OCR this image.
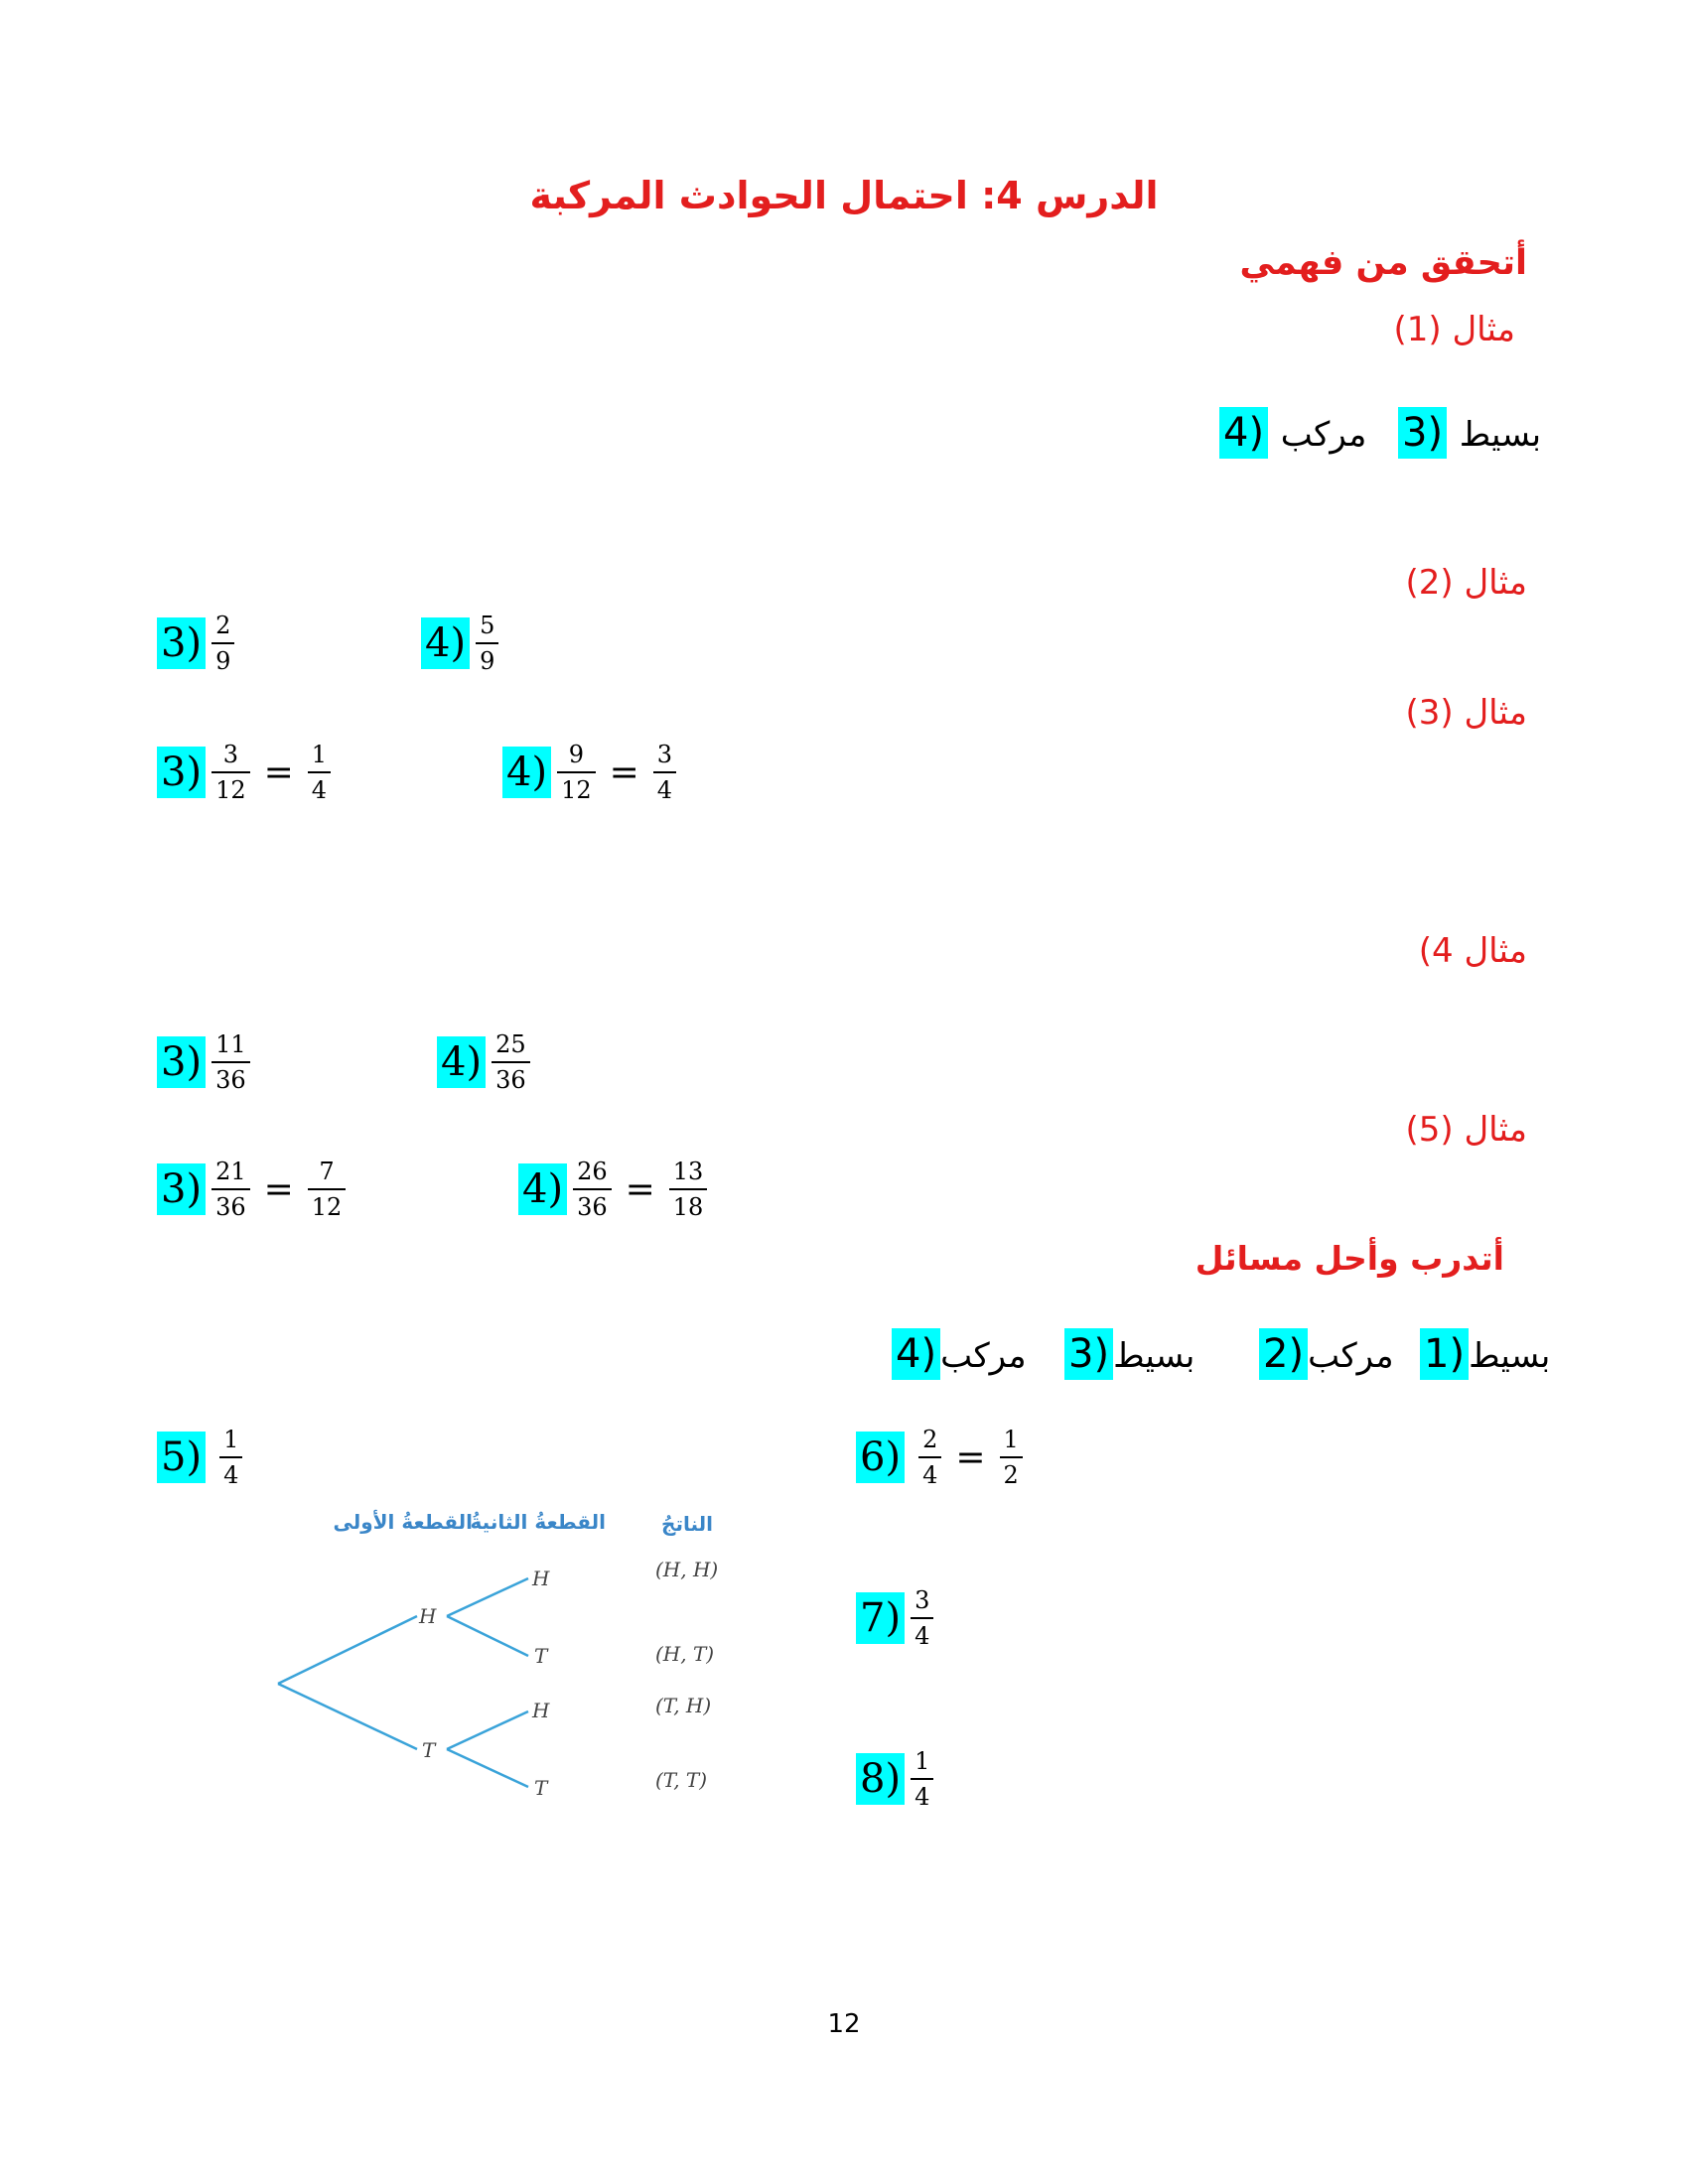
الدرس 4: احتمال الحوادث المركبة
أتحقق من فهمي
مثال (1)
3) بسيط
4) مركب
مثال (2)
$3) \frac{2}{9}$	$4) \frac{5}{9}$
مثال (3)
$3) \frac{3}{12} = \frac{1}{4}$	$4) \frac{9}{12} = \frac{3}{4}$
مثال 4)
$3) \frac{11}{36}$	$4) \frac{25}{36}$
مثال (5)
$3) \frac{21}{36} = \frac{7}{12}$	$4) \frac{26}{36} = \frac{13}{18}$
أتدرب وأحل مسائل
1) بسيط
2) مركب
3) بسيط
4) مركب
$5) \frac{1}{4}$	$6) \frac{2}{4} = \frac{1}{2}$
$7) \frac{3}{4}$
$8) \frac{1}{4}$
القطعةُ الأولى
القطعةُ الثانيةُ	الناتجُ
H
T
H
T
H
T
(H, H)
(H, T)
(T, H)
(T, T)
12
